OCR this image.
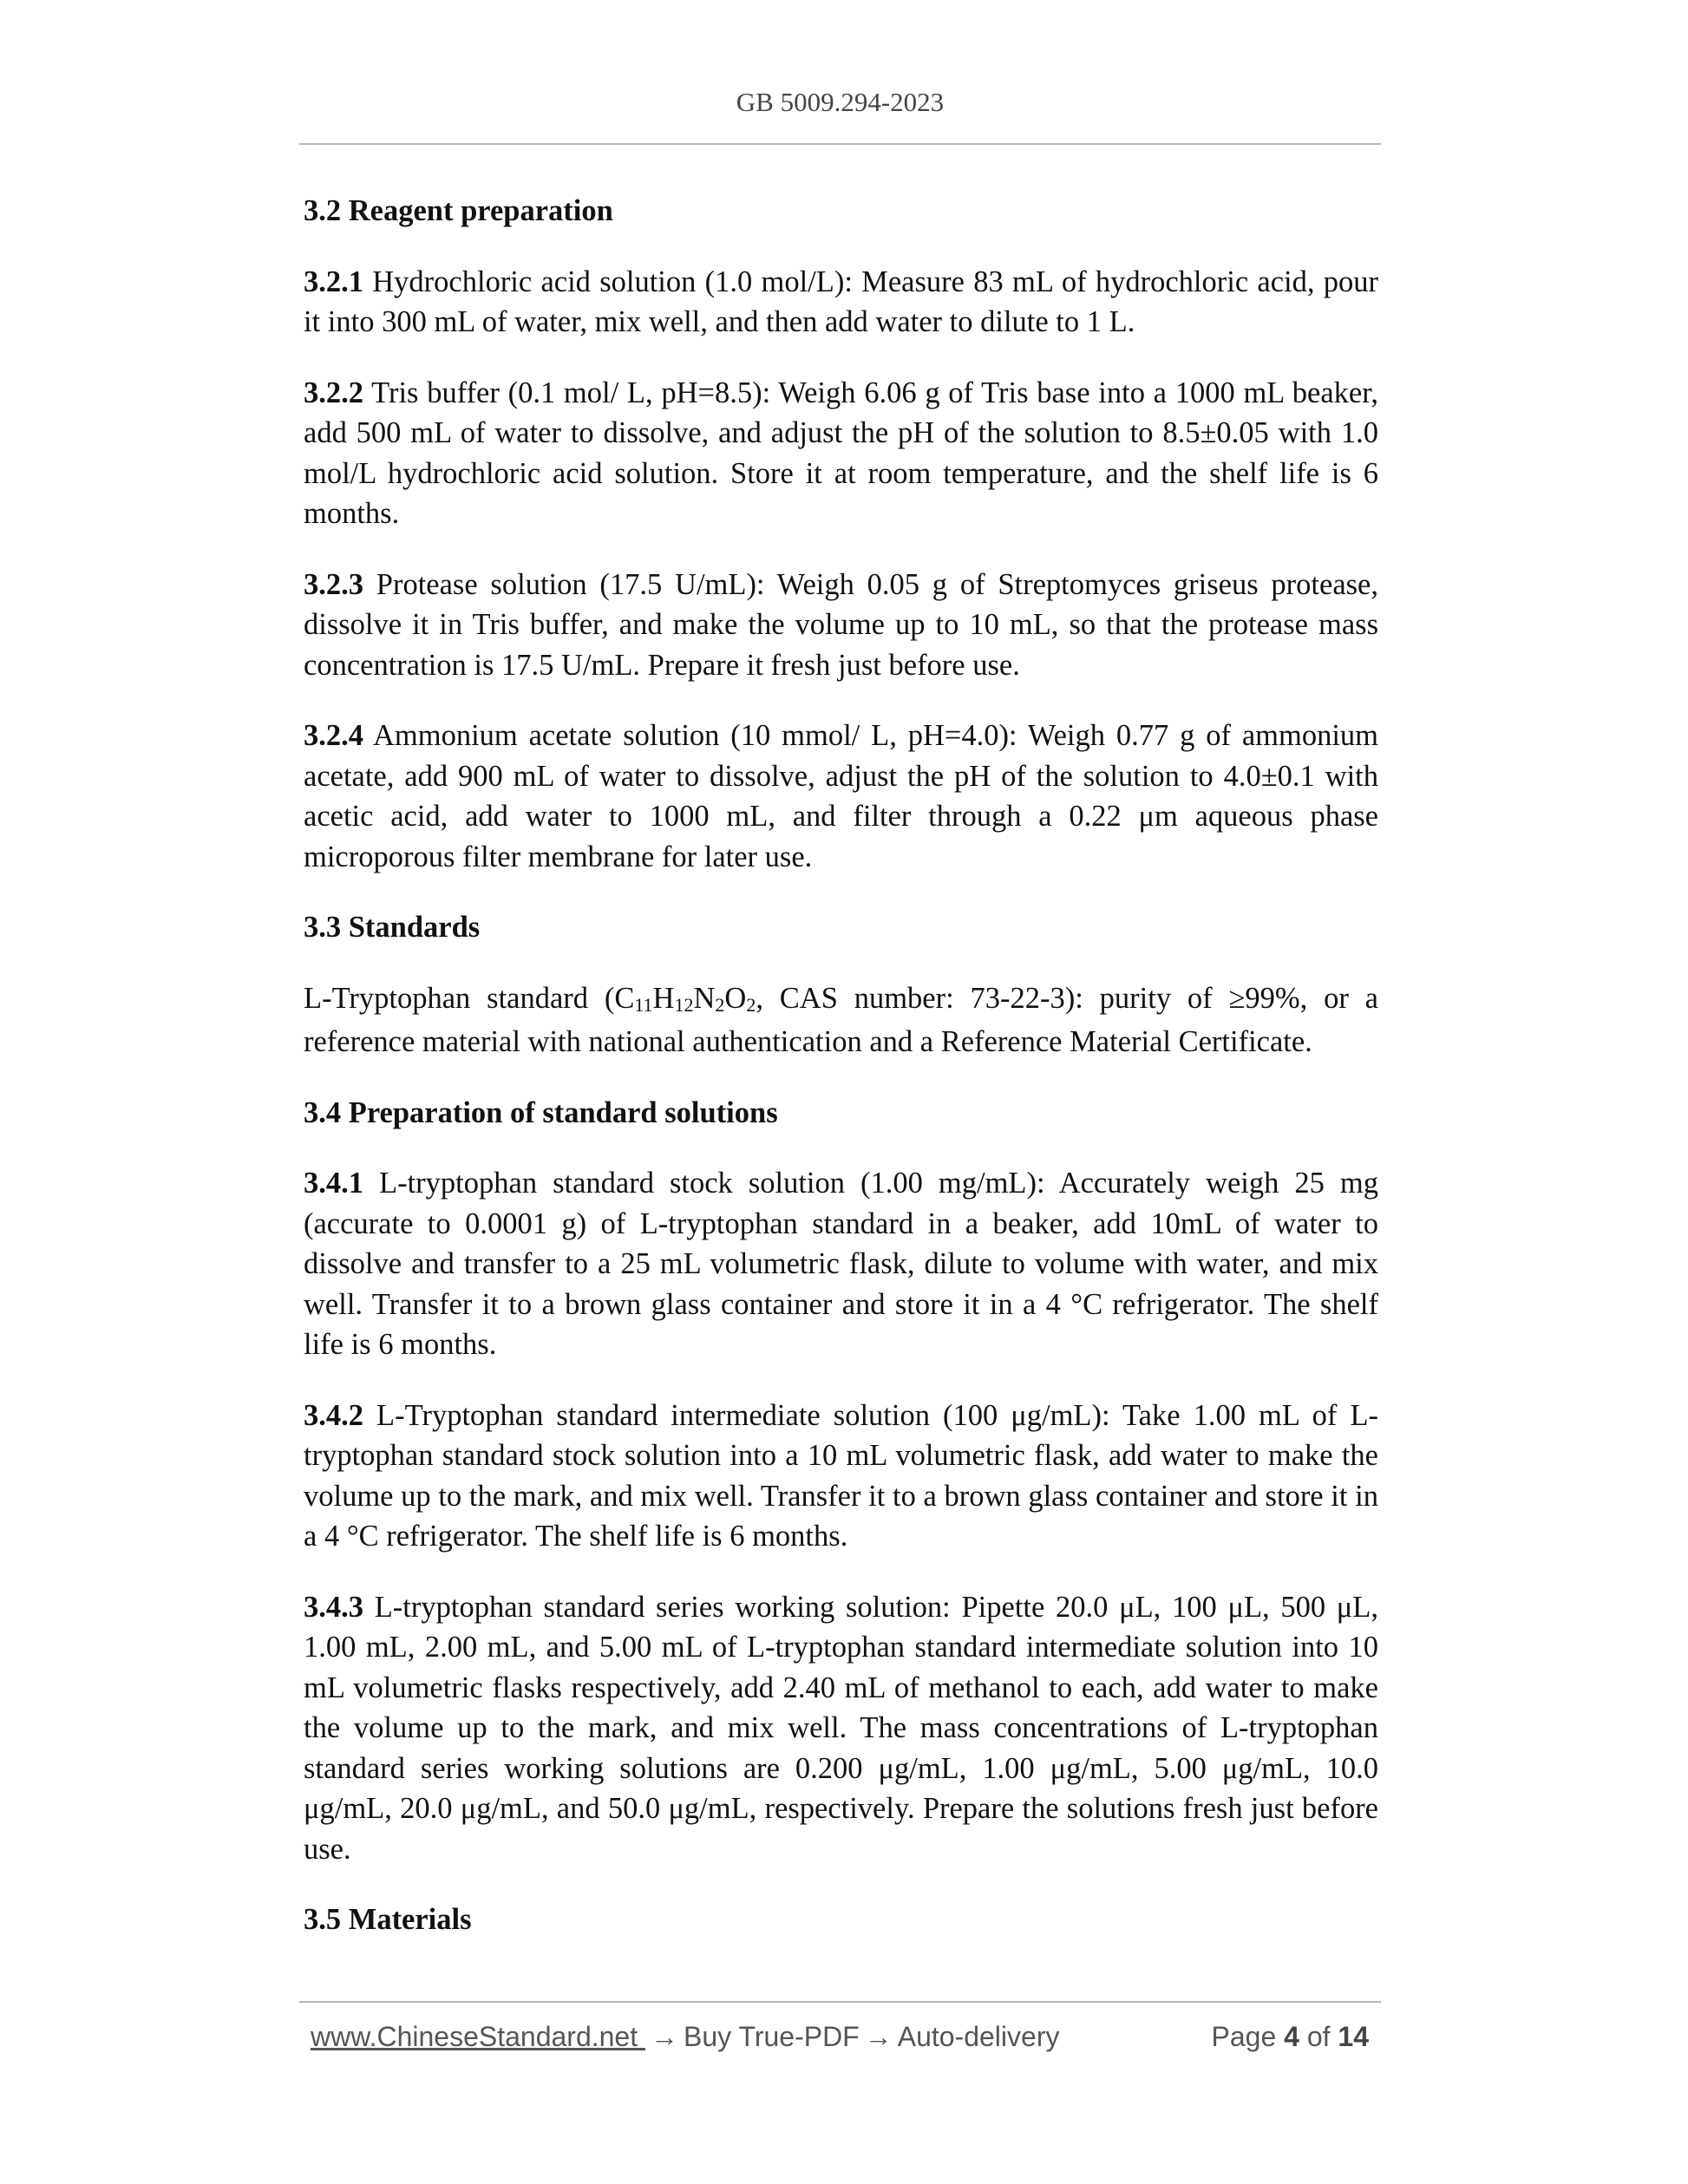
GB 5009.294-2023
3.2 Reagent preparation

3.2.1 Hydrochloric acid solution (1.0 mol/L): Measure 83 mL of hydrochloric acid, pour it into 300 mL of water, mix well, and then add water to dilute to 1 L.

3.2.2 Tris buffer (0.1 mol/ L, pH=8.5): Weigh 6.06 g of Tris base into a 1000 mL beaker, add 500 mL of water to dissolve, and adjust the pH of the solution to 8.5±0.05 with 1.0 mol/L hydrochloric acid solution. Store it at room temperature, and the shelf life is 6 months.

3.2.3 Protease solution (17.5 U/mL): Weigh 0.05 g of Streptomyces griseus protease, dissolve it in Tris buffer, and make the volume up to 10 mL, so that the protease mass concentration is 17.5 U/mL. Prepare it fresh just before use.

3.2.4 Ammonium acetate solution (10 mmol/ L, pH=4.0): Weigh 0.77 g of ammonium acetate, add 900 mL of water to dissolve, adjust the pH of the solution to 4.0±0.1 with acetic acid, add water to 1000 mL, and filter through a 0.22 μm aqueous phase microporous filter membrane for later use.

3.3 Standards

L-Tryptophan standard (C11H12N2O2, CAS number: 73-22-3): purity of ≥99%, or a reference material with national authentication and a Reference Material Certificate.

3.4 Preparation of standard solutions

3.4.1 L-tryptophan standard stock solution (1.00 mg/mL): Accurately weigh 25 mg (accurate to 0.0001 g) of L-tryptophan standard in a beaker, add 10mL of water to dissolve and transfer to a 25 mL volumetric flask, dilute to volume with water, and mix well. Transfer it to a brown glass container and store it in a 4 °C refrigerator. The shelf life is 6 months.

3.4.2 L-Tryptophan standard intermediate solution (100 μg/mL): Take 1.00 mL of L-tryptophan standard stock solution into a 10 mL volumetric flask, add water to make the volume up to the mark, and mix well. Transfer it to a brown glass container and store it in a 4 °C refrigerator. The shelf life is 6 months.

3.4.3 L-tryptophan standard series working solution: Pipette 20.0 μL, 100 μL, 500 μL, 1.00 mL, 2.00 mL, and 5.00 mL of L-tryptophan standard intermediate solution into 10 mL volumetric flasks respectively, add 2.40 mL of methanol to each, add water to make the volume up to the mark, and mix well. The mass concentrations of L-tryptophan standard series working solutions are 0.200 μg/mL, 1.00 μg/mL, 5.00 μg/mL, 10.0 μg/mL, 20.0 μg/mL, and 50.0 μg/mL, respectively. Prepare the solutions fresh just before use.

3.5 Materials
www.ChineseStandard.net → Buy True-PDF → Auto-delivery	Page 4 of 14
